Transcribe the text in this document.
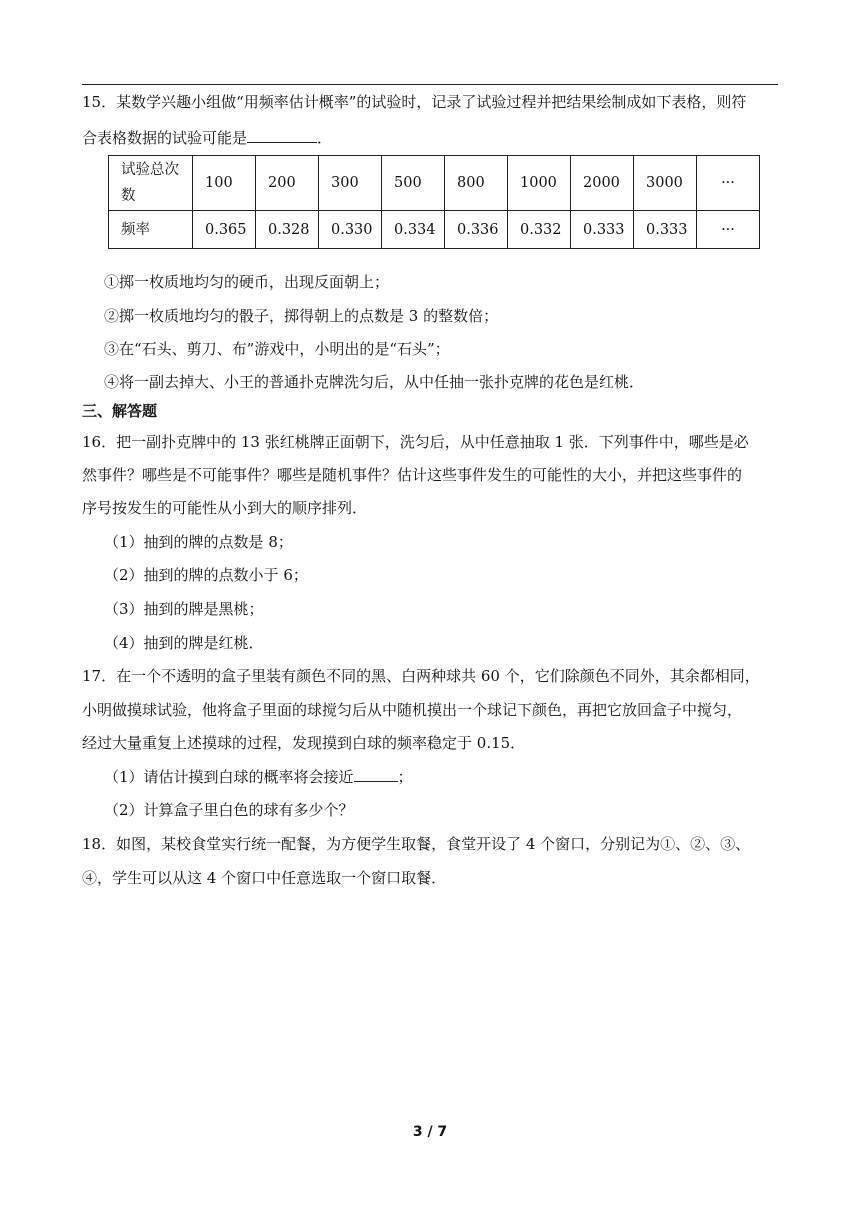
15．某数学兴趣小组做“用频率估计概率”的试验时，记录了试验过程并把结果绘制成如下表格，则符
合表格数据的试验可能是	．
试验总次
数	100	200	300	500	800	1000	2000	3000	···
频率	0.365	0.328	0.330	0.334	0.336	0.332	0.333	0.333	···
①掷一枚质地均匀的硬币，出现反面朝上；
②掷一枚质地均匀的骰子，掷得朝上的点数是 3 的整数倍；
③在“石头、剪刀、布”游戏中，小明出的是“石头”；
④将一副去掉大、小王的普通扑克牌洗匀后，从中任抽一张扑克牌的花色是红桃．
三、解答题
16．把一副扑克牌中的 13 张红桃牌正面朝下，洗匀后，从中任意抽取 1 张．下列事件中，哪些是必
然事件？哪些是不可能事件？哪些是随机事件？估计这些事件发生的可能性的大小，并把这些事件的
序号按发生的可能性从小到大的顺序排列．
（1）抽到的牌的点数是 8；
（2）抽到的牌的点数小于 6；
（3）抽到的牌是黑桃；
（4）抽到的牌是红桃．
17．在一个不透明的盒子里装有颜色不同的黑、白两种球共 60 个，它们除颜色不同外，其余都相同，
小明做摸球试验，他将盒子里面的球搅匀后从中随机摸出一个球记下颜色，再把它放回盒子中搅匀，
经过大量重复上述摸球的过程，发现摸到白球的频率稳定于 0.15．
（1）请估计摸到白球的概率将会接近	；
（2）计算盒子里白色的球有多少个？
18．如图，某校食堂实行统一配餐，为方便学生取餐，食堂开设了 4 个窗口，分别记为①、②、③、
④，学生可以从这 4 个窗口中任意选取一个窗口取餐．
3 / 7
